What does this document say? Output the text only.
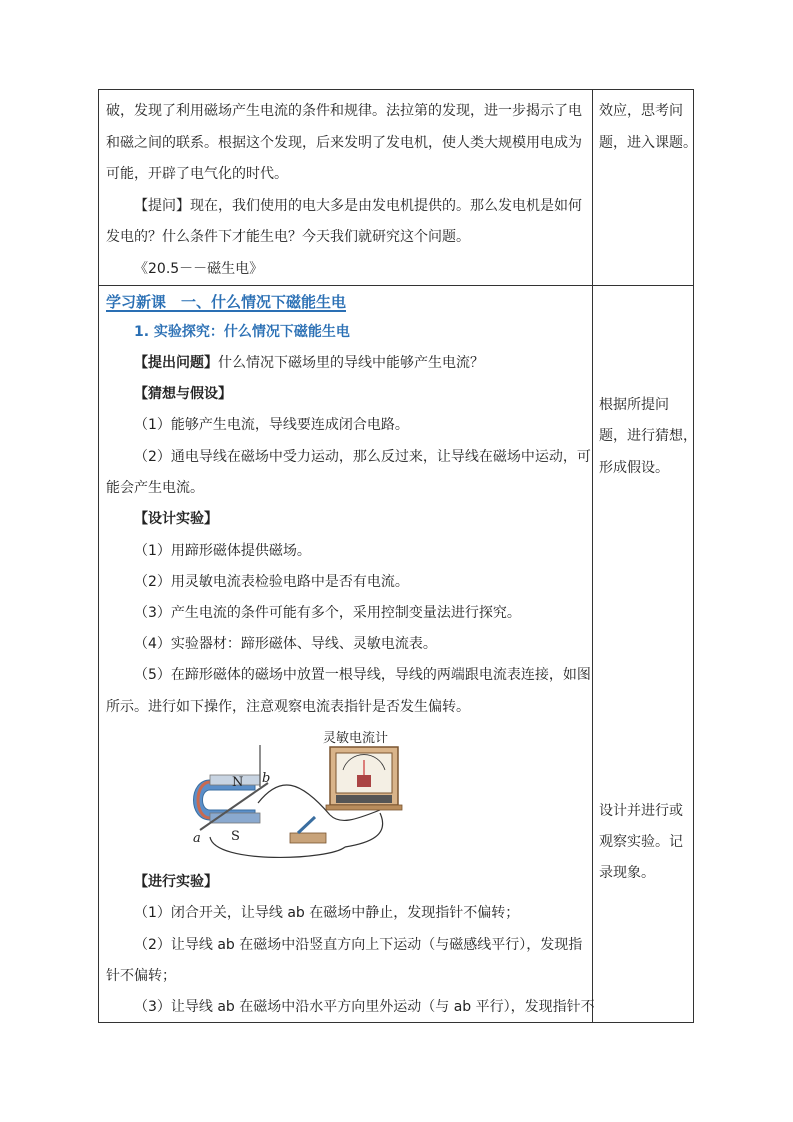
破，发现了利用磁场产生电流的条件和规律。法拉第的发现，进一步揭示了电
和磁之间的联系。根据这个发现，后来发明了发电机，使人类大规模用电成为
可能，开辟了电气化的时代。
【提问】现在，我们使用的电大多是由发电机提供的。那么发电机是如何
发电的？什么条件下才能生电？今天我们就研究这个问题。
《20.5－－磁生电》
效应，思考问
题，进入课题。
学习新课　一、什么情况下磁能生电
1. 实验探究：什么情况下磁能生电
【提出问题】什么情况下磁场里的导线中能够产生电流？
【猜想与假设】
（1）能够产生电流，导线要连成闭合电路。
（2）通电导线在磁场中受力运动，那么反过来，让导线在磁场中运动，可
能会产生电流。
【设计实验】
（1）用蹄形磁体提供磁场。
（2）用灵敏电流表检验电路中是否有电流。
（3）产生电流的条件可能有多个，采用控制变量法进行探究。
（4）实验器材：蹄形磁体、导线、灵敏电流表。
（5）在蹄形磁体的磁场中放置一根导线，导线的两端跟电流表连接，如图
所示。进行如下操作，注意观察电流表指针是否发生偏转。
灵敏电流计
N
S
a
b
【进行实验】
（1）闭合开关，让导线 ab 在磁场中静止，发现指针不偏转；
（2）让导线 ab 在磁场中沿竖直方向上下运动（与磁感线平行），发现指
针不偏转；
（3）让导线 ab 在磁场中沿水平方向里外运动（与 ab 平行），发现指针不
根据所提问
题，进行猜想，
形成假设。
设计并进行或
观察实验。记
录现象。
